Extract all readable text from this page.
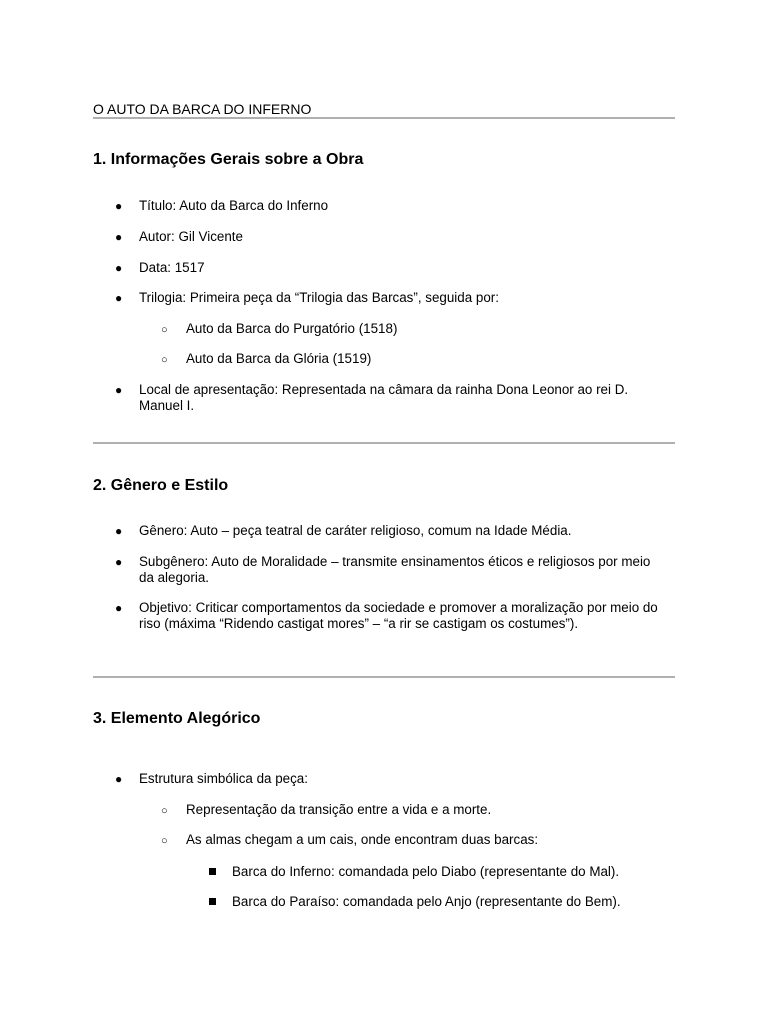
O AUTO DA BARCA DO INFERNO
1. Informações Gerais sobre a Obra
● Título: Auto da Barca do Inferno
● Autor: Gil Vicente
● Data: 1517
● Trilogia: Primeira peça da “Trilogia das Barcas”, seguida por:
○ Auto da Barca do Purgatório (1518)
○ Auto da Barca da Glória (1519)
● Local de apresentação: Representada na câmara da rainha Dona Leonor ao rei D. Manuel I.
2. Gênero e Estilo
● Gênero: Auto – peça teatral de caráter religioso, comum na Idade Média.
● Subgênero: Auto de Moralidade – transmite ensinamentos éticos e religiosos por meio da alegoria.
● Objetivo: Criticar comportamentos da sociedade e promover a moralização por meio do riso (máxima “Ridendo castigat mores” – “a rir se castigam os costumes”).
3. Elemento Alegórico
● Estrutura simbólica da peça:
○ Representação da transição entre a vida e a morte.
○ As almas chegam a um cais, onde encontram duas barcas:
Barca do Inferno: comandada pelo Diabo (representante do Mal).
Barca do Paraíso: comandada pelo Anjo (representante do Bem).
